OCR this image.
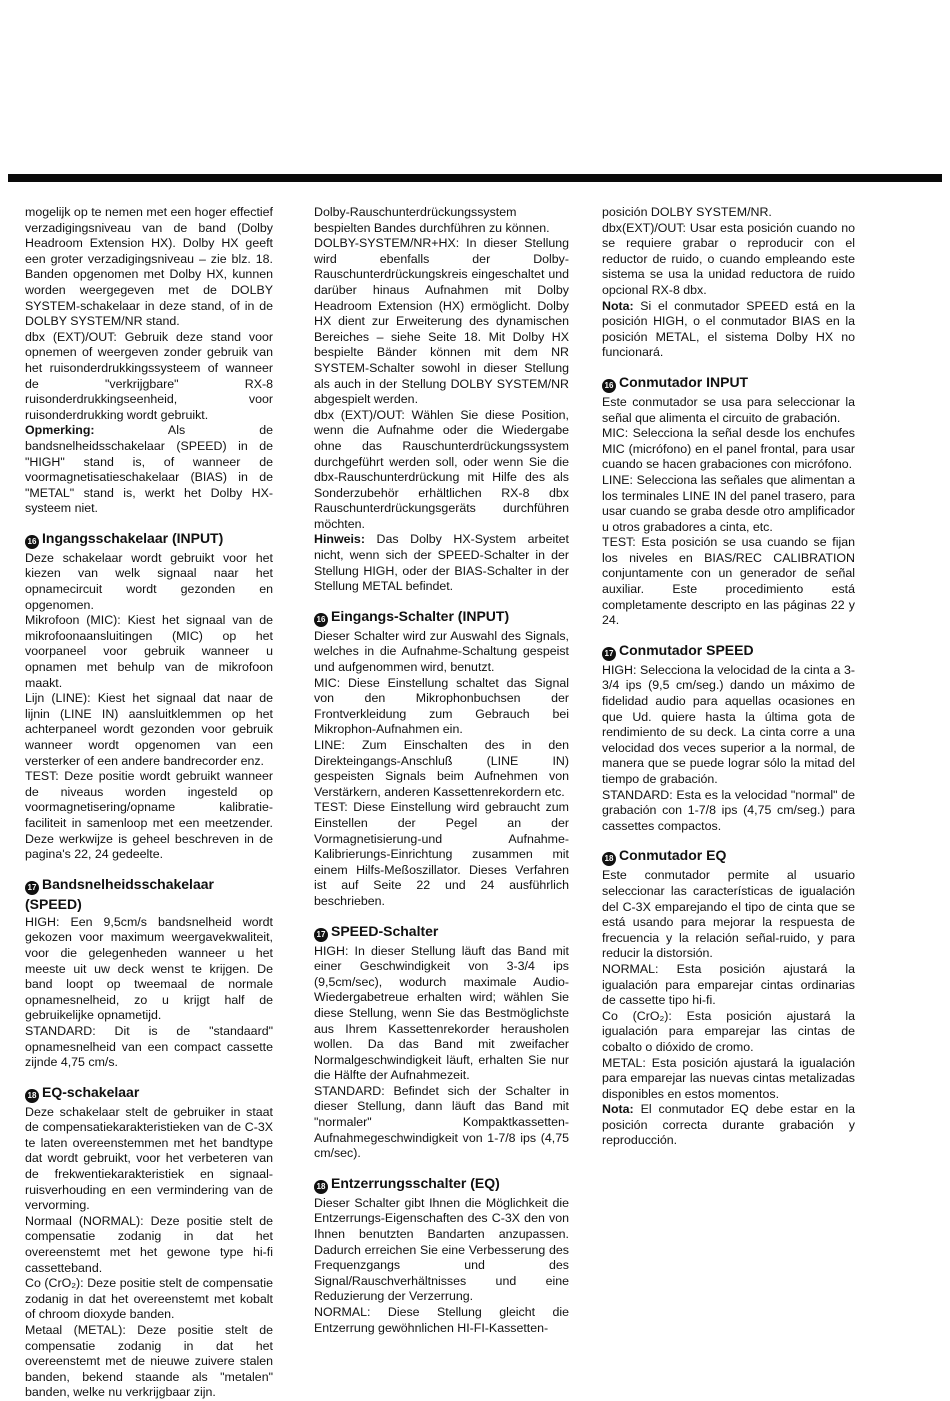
mogelijk op te nemen met een hoger effectief verzadigingsniveau van de band (Dolby Headroom Extension HX). Dolby HX geeft een groter verzadigingsniveau – zie blz. 18. Banden opgenomen met Dolby HX, kunnen worden weergegeven met de DOLBY SYSTEM-schakelaar in deze stand, of in de DOLBY SYSTEM/NR stand.

dbx (EXT)/OUT: Gebruik deze stand voor opnemen of weergeven zonder gebruik van het ruisonderdrukkingssysteem of wanneer de "verkrijgbare" RX-8 ruisonderdrukkingseenheid, voor ruisonderdrukking wordt gebruikt.

Opmerking: Als de bandsnelheidsschakelaar (SPEED) in de "HIGH" stand is, of wanneer de voormagnetisatieschakelaar (BIAS) in de "METAL" stand is, werkt het Dolby HX-systeem niet.

16 Ingangsschakelaar (INPUT)

Deze schakelaar wordt gebruikt voor het kiezen van welk signaal naar het opnamecircuit wordt gezonden en opgenomen.

Mikrofoon (MIC): Kiest het signaal van de mikrofoonaansluitingen (MIC) op het voorpaneel voor gebruik wanneer u opnamen met behulp van de mikrofoon maakt.

Lijn (LINE): Kiest het signaal dat naar de lijnin (LINE IN) aansluitklemmen op het achterpaneel wordt gezonden voor gebruik wanneer wordt opgenomen van een versterker of een andere bandrecorder enz.

TEST: Deze positie wordt gebruikt wanneer de niveaus worden ingesteld op voormagnetisering/opname kalibratie-faciliteit in samenloop met een meetzender. Deze werkwijze is geheel beschreven in de pagina's 22, 24 gedeelte.

17 Bandsnelheidsschakelaar (SPEED)

HIGH: Een 9,5cm/s bandsnelheid wordt gekozen voor maximum weergavekwaliteit, voor die gelegenheden wanneer u het meeste uit uw deck wenst te krijgen. De band loopt op tweemaal de normale opnamesnelheid, zo u krijgt half de gebruikelijke opnametijd.

STANDARD: Dit is de "standaard" opnamesnelheid van een compact cassette zijnde 4,75 cm/s.

18 EQ-schakelaar

Deze schakelaar stelt de gebruiker in staat de compensatiekarakteristieken van de C-3X te laten overeenstemmen met het bandtype dat wordt gebruikt, voor het verbeteren van de frekwentiekarakteristiek en signaal-ruisverhouding en een vermindering van de vervorming.

Normaal (NORMAL): Deze positie stelt de compensatie zodanig in dat het overeenstemt met het gewone type hi-fi cassetteband.

Co (CrO₂): Deze positie stelt de compensatie zodanig in dat het overeenstemt met kobalt of chroom dioxyde banden.

Metaal (METAL): Deze positie stelt de compensatie zodanig in dat het overeenstemt met de nieuwe zuivere stalen banden, bekend staande als "metalen" banden, welke nu verkrijgbaar zijn.

Dolby-Rauschunterdrückungssystem bespielten Bandes durchführen zu können.

DOLBY-SYSTEM/NR+HX: In dieser Stellung wird ebenfalls der Dolby-Rauschunterdrückungskreis eingeschaltet und darüber hinaus Aufnahmen mit Dolby Headroom Extension (HX) ermöglicht. Dolby HX dient zur Erweiterung des dynamischen Bereiches – siehe Seite 18. Mit Dolby HX bespielte Bänder können mit dem NR SYSTEM-Schalter sowohl in dieser Stellung als auch in der Stellung DOLBY SYSTEM/NR abgespielt werden.

dbx (EXT)/OUT: Wählen Sie diese Position, wenn die Aufnahme oder die Wiedergabe ohne das Rauschunterdrückungssystem durchgeführt werden soll, oder wenn Sie die dbx-Rauschunterdrückung mit Hilfe des als Sonderzubehör erhältlichen RX-8 dbx Rauschunterdrückungsgeräts durchführen möchten.

Hinweis: Das Dolby HX-System arbeitet nicht, wenn sich der SPEED-Schalter in der Stellung HIGH, oder der BIAS-Schalter in der Stellung METAL befindet.

16 Eingangs-Schalter (INPUT)

Dieser Schalter wird zur Auswahl des Signals, welches in die Aufnahme-Schaltung gespeist und aufgenommen wird, benutzt.

MIC: Diese Einstellung schaltet das Signal von den Mikrophonbuchsen der Frontverkleidung zum Gebrauch bei Mikrophon-Aufnahmen ein.

LINE: Zum Einschalten des in den Direkteingangs-Anschluß (LINE IN) gespeisten Signals beim Aufnehmen von Verstärkern, anderen Kassettenrekordern etc.

TEST: Diese Einstellung wird gebraucht zum Einstellen der Pegel an der Vormagnetisierung-und Aufnahme-Kalibrierungs-Einrichtung zusammen mit einem Hilfs-Meßoszillator. Dieses Verfahren ist auf Seite 22 und 24 ausführlich beschrieben.

17 SPEED-Schalter

HIGH: In dieser Stellung läuft das Band mit einer Geschwindigkeit von 3-3/4 ips (9,5cm/sec), wodurch maximale Audio-Wiedergabetreue erhalten wird; wählen Sie diese Stellung, wenn Sie das Bestmöglichste aus Ihrem Kassettenrekorder herausholen wollen. Da das Band mit zweifacher Normalgeschwindigkeit läuft, erhalten Sie nur die Hälfte der Aufnahmezeit.

STANDARD: Befindet sich der Schalter in dieser Stellung, dann läuft das Band mit "normaler" Kompaktkassetten-Aufnahmegeschwindigkeit von 1-7/8 ips (4,75 cm/sec).

18 Entzerrungsschalter (EQ)

Dieser Schalter gibt Ihnen die Möglichkeit die Entzerrungs-Eigenschaften des C-3X den von Ihnen benutzten Bandarten anzupassen. Dadurch erreichen Sie eine Verbesserung des Frequenzgangs und des Signal/Rauschverhältnisses und eine Reduzierung der Verzerrung.

NORMAL: Diese Stellung gleicht die Entzerrung gewöhnlichen HI-FI-Kassetten-

posición DOLBY SYSTEM/NR.

dbx(EXT)/OUT: Usar esta posición cuando no se requiere grabar o reproducir con el reductor de ruido, o cuando empleando este sistema se usa la unidad reductora de ruido opcional RX-8 dbx.

Nota: Si el conmutador SPEED está en la posición HIGH, o el conmutador BIAS en la posición METAL, el sistema Dolby HX no funcionará.

16 Conmutador INPUT

Este conmutador se usa para seleccionar la señal que alimenta el circuito de grabación.

MIC: Selecciona la señal desde los enchufes MIC (micrófono) en el panel frontal, para usar cuando se hacen grabaciones con micrófono.

LINE: Selecciona las señales que alimentan a los terminales LINE IN del panel trasero, para usar cuando se graba desde otro amplificador u otros grabadores a cinta, etc.

TEST: Esta posición se usa cuando se fijan los niveles en BIAS/REC CALIBRATION conjuntamente con un generador de señal auxiliar. Este procedimiento está completamente descripto en las páginas 22 y 24.

17 Conmutador SPEED

HIGH: Selecciona la velocidad de la cinta a 3-3/4 ips (9,5 cm/seg.) dando un máximo de fidelidad audio para aquellas ocasiones en que Ud. quiere hasta la última gota de rendimiento de su deck. La cinta corre a una velocidad dos veces superior a la normal, de manera que se puede lograr sólo la mitad del tiempo de grabación.

STANDARD: Esta es la velocidad "normal" de grabación con 1-7/8 ips (4,75 cm/seg.) para cassettes compactos.

18 Conmutador EQ

Este conmutador permite al usuario seleccionar las características de igualación del C-3X emparejando el tipo de cinta que se está usando para mejorar la respuesta de frecuencia y la relación señal-ruido, y para reducir la distorsión.

NORMAL: Esta posición ajustará la igualación para emparejar cintas ordinarias de cassette tipo hi-fi.

Co (CrO₂): Esta posición ajustará la igualación para emparejar las cintas de cobalto o dióxido de cromo.

METAL: Esta posición ajustará la igualación para emparejar las nuevas cintas metalizadas disponibles en estos momentos.

Nota: El conmutador EQ debe estar en la posición correcta durante grabación y reproducción.
